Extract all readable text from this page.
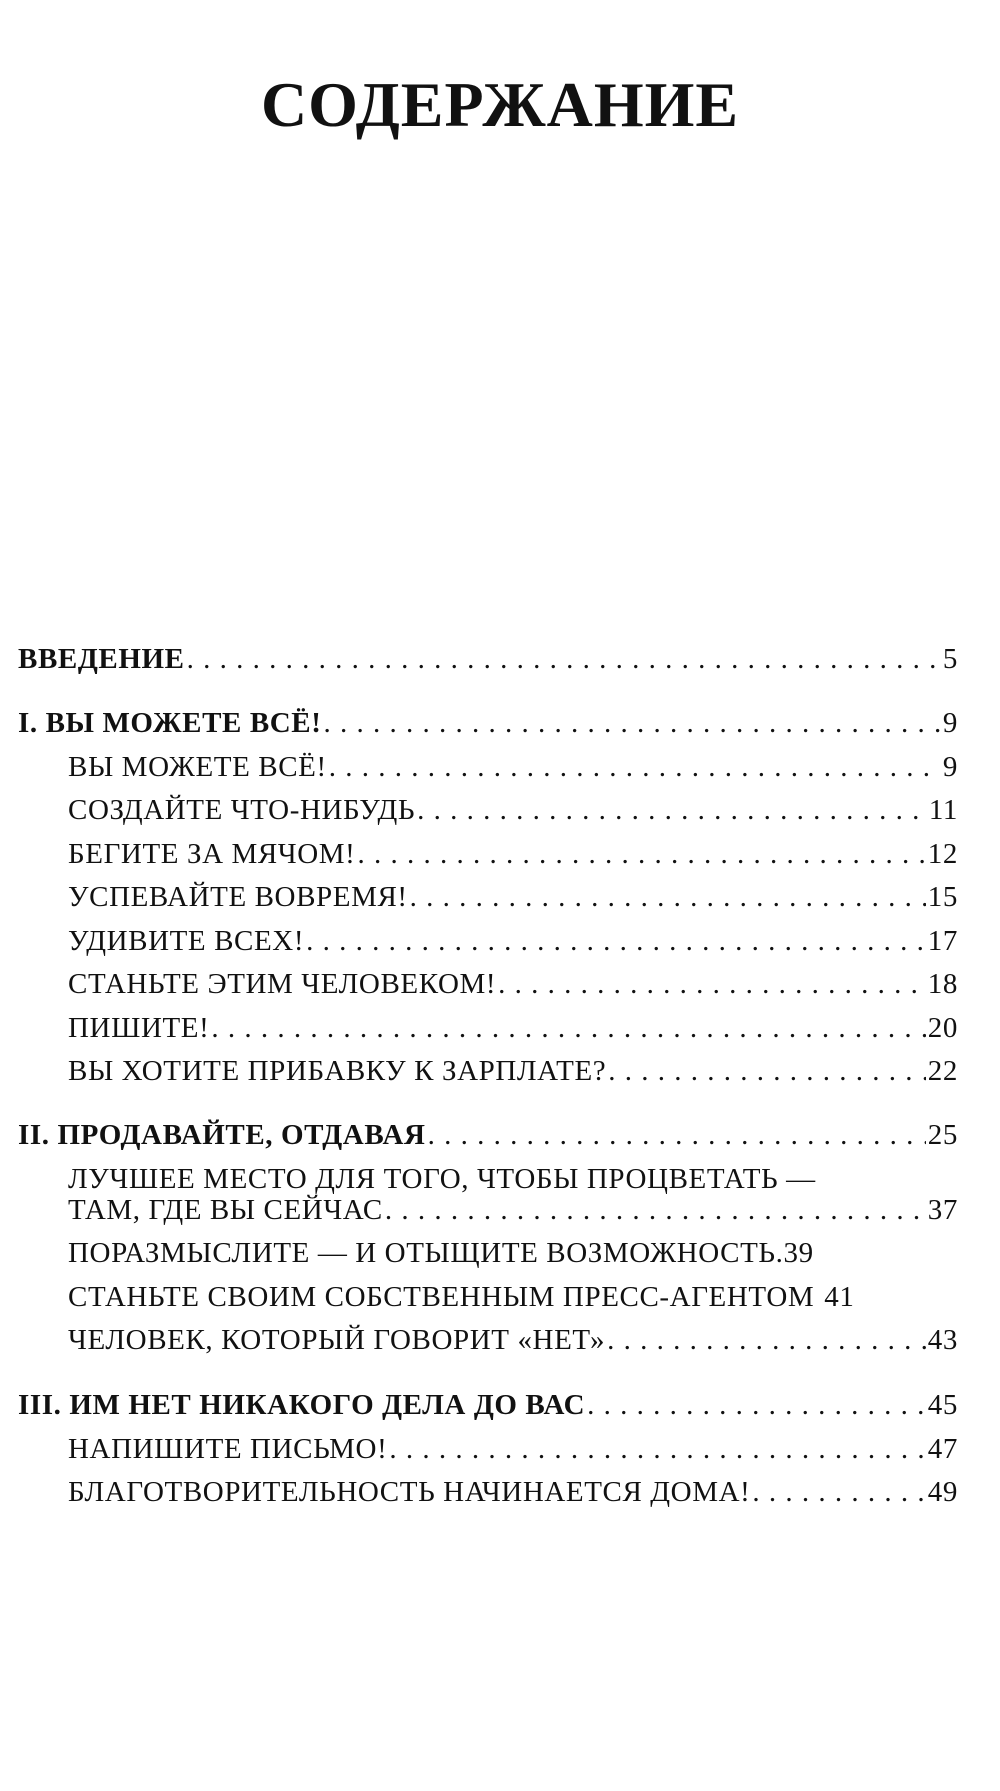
СОДЕРЖАНИЕ
ВВЕДЕНИЕ . . .	5
I. ВЫ МОЖЕТЕ ВСЁ! . . .	9
ВЫ МОЖЕТЕ ВСЁ! . . .	9
СОЗДАЙТЕ ЧТО-НИБУДЬ . . .	11
БЕГИТЕ ЗА МЯЧОМ! . . .	12
УСПЕВАЙТЕ ВОВРЕМЯ! . . .	15
УДИВИТЕ ВСЕХ! . . .	17
СТАНЬТЕ ЭТИМ ЧЕЛОВЕКОМ! . . .	18
ПИШИТЕ! . . .	20
ВЫ ХОТИТЕ ПРИБАВКУ К ЗАРПЛАТЕ? . . .	22
II. ПРОДАВАЙТЕ, ОТДАВАЯ . . .	25
ЛУЧШЕЕ МЕСТО ДЛЯ ТОГО, ЧТОБЫ ПРОЦВЕТАТЬ —
ТАМ, ГДЕ ВЫ СЕЙЧАС . . .	37
ПОРАЗМЫСЛИТЕ — И ОТЫЩИТЕ ВОЗМОЖНОСТЬ. 39
СТАНЬТЕ СВОИМ СОБСТВЕННЫМ ПРЕСС-АГЕНТОМ 41
ЧЕЛОВЕК, КОТОРЫЙ ГОВОРИТ «НЕТ» . . .	43
III. ИМ НЕТ НИКАКОГО ДЕЛА ДО ВАС . . .	45
НАПИШИТЕ ПИСЬМО! . . .	47
БЛАГОТВОРИТЕЛЬНОСТЬ НАЧИНАЕТСЯ ДОМА! . . .	49
